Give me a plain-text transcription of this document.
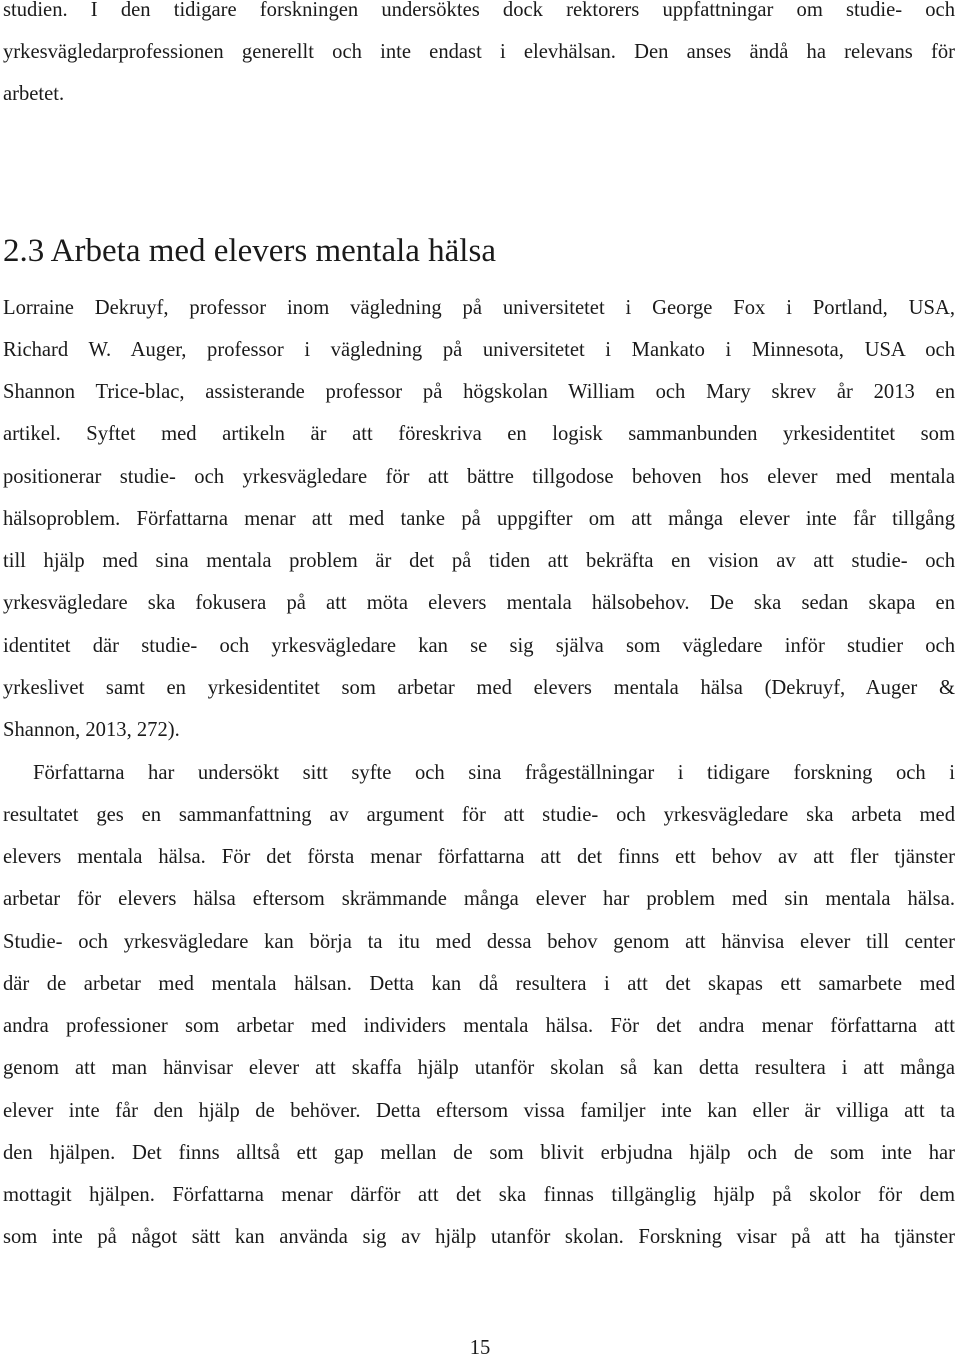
studien. I den tidigare forskningen undersöktes dock rektorers uppfattningar om studie- och
yrkesvägledarprofessionen generellt och inte endast i elevhälsan. Den anses ändå ha relevans för
arbetet.
2.3 Arbeta med elevers mentala hälsa
Lorraine Dekruyf, professor inom vägledning på universitetet i George Fox i Portland, USA,
Richard W. Auger, professor i vägledning på universitetet i Mankato i Minnesota, USA och
Shannon Trice-blac, assisterande professor på högskolan William och Mary skrev år 2013 en
artikel. Syftet med artikeln är att föreskriva en logisk sammanbunden yrkesidentitet som
positionerar studie- och yrkesvägledare för att bättre tillgodose behoven hos elever med mentala
hälsoproblem. Författarna menar att med tanke på uppgifter om att många elever inte får tillgång
till hjälp med sina mentala problem är det på tiden att bekräfta en vision av att studie- och
yrkesvägledare ska fokusera på att möta elevers mentala hälsobehov. De ska sedan skapa en
identitet där studie- och yrkesvägledare kan se sig själva som vägledare inför studier och
yrkeslivet samt en yrkesidentitet som arbetar med elevers mentala hälsa (Dekruyf, Auger &
Shannon, 2013, 272).
Författarna har undersökt sitt syfte och sina frågeställningar i tidigare forskning och i
resultatet ges en sammanfattning av argument för att studie- och yrkesvägledare ska arbeta med
elevers mentala hälsa. För det första menar författarna att det finns ett behov av att fler tjänster
arbetar för elevers hälsa eftersom skrämmande många elever har problem med sin mentala hälsa.
Studie- och yrkesvägledare kan börja ta itu med dessa behov genom att hänvisa elever till center
där de arbetar med mentala hälsan. Detta kan då resultera i att det skapas ett samarbete med
andra professioner som arbetar med individers mentala hälsa. För det andra menar författarna att
genom att man hänvisar elever att skaffa hjälp utanför skolan så kan detta resultera i att många
elever inte får den hjälp de behöver. Detta eftersom vissa familjer inte kan eller är villiga att ta
den hjälpen. Det finns alltså ett gap mellan de som blivit erbjudna hjälp och de som inte har
mottagit hjälpen. Författarna menar därför att det ska finnas tillgänglig hjälp på skolor för dem
som inte på något sätt kan använda sig av hjälp utanför skolan. Forskning visar på att ha tjänster
15
